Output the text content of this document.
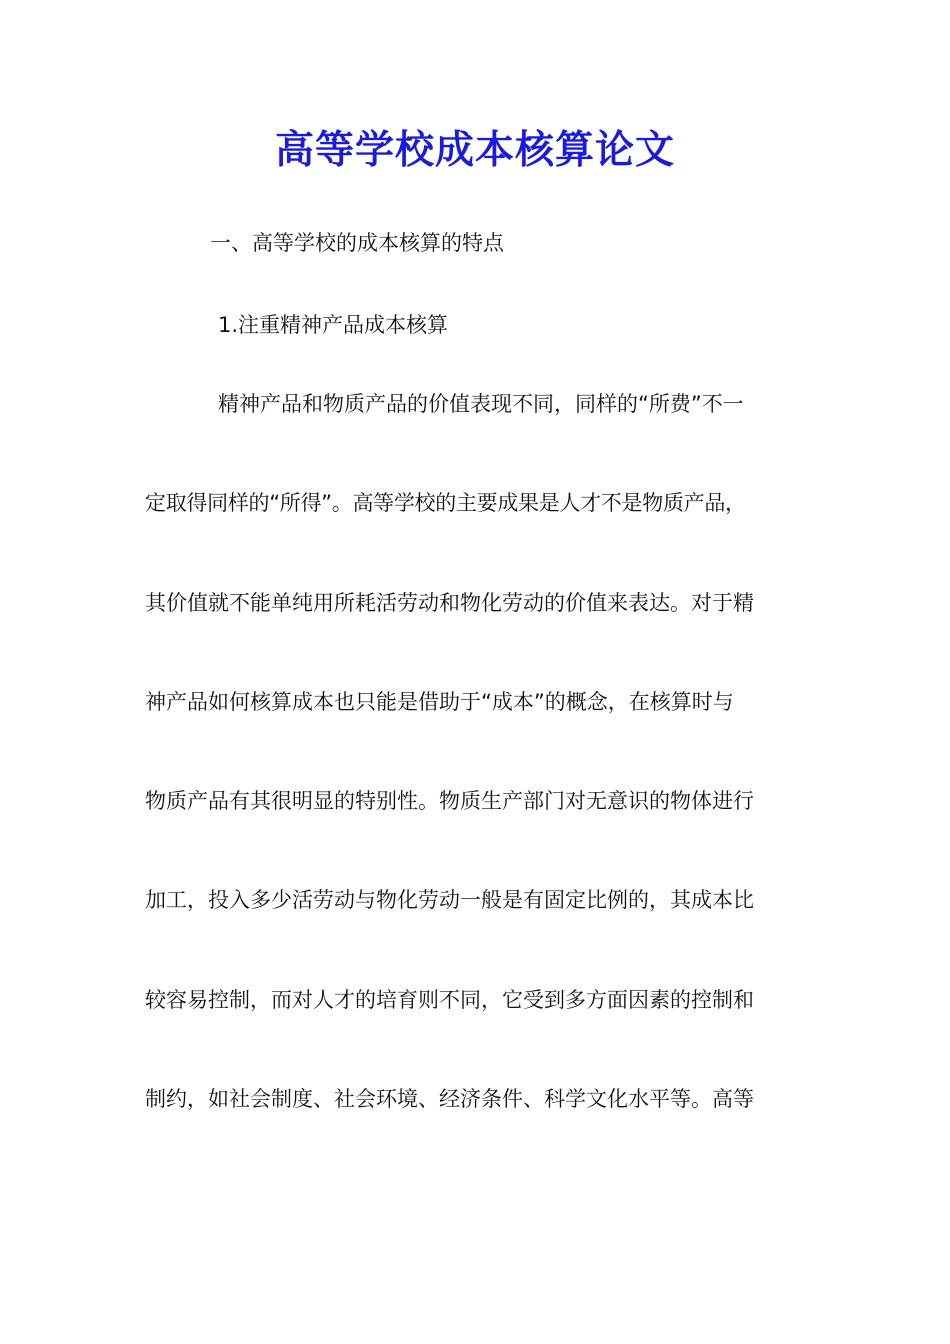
高等学校成本核算论文
一、高等学校的成本核算的特点
1.注重精神产品成本核算
精神产品和物质产品的价值表现不同，同样的“所费”不一
定取得同样的“所得”。高等学校的主要成果是人才不是物质产品，
其价值就不能单纯用所耗活劳动和物化劳动的价值来表达。对于精
神产品如何核算成本也只能是借助于“成本”的概念，在核算时与
物质产品有其很明显的特别性。物质生产部门对无意识的物体进行
加工，投入多少活劳动与物化劳动一般是有固定比例的，其成本比
较容易控制，而对人才的培育则不同，它受到多方面因素的控制和
制约，如社会制度、社会环境、经济条件、科学文化水平等。高等
